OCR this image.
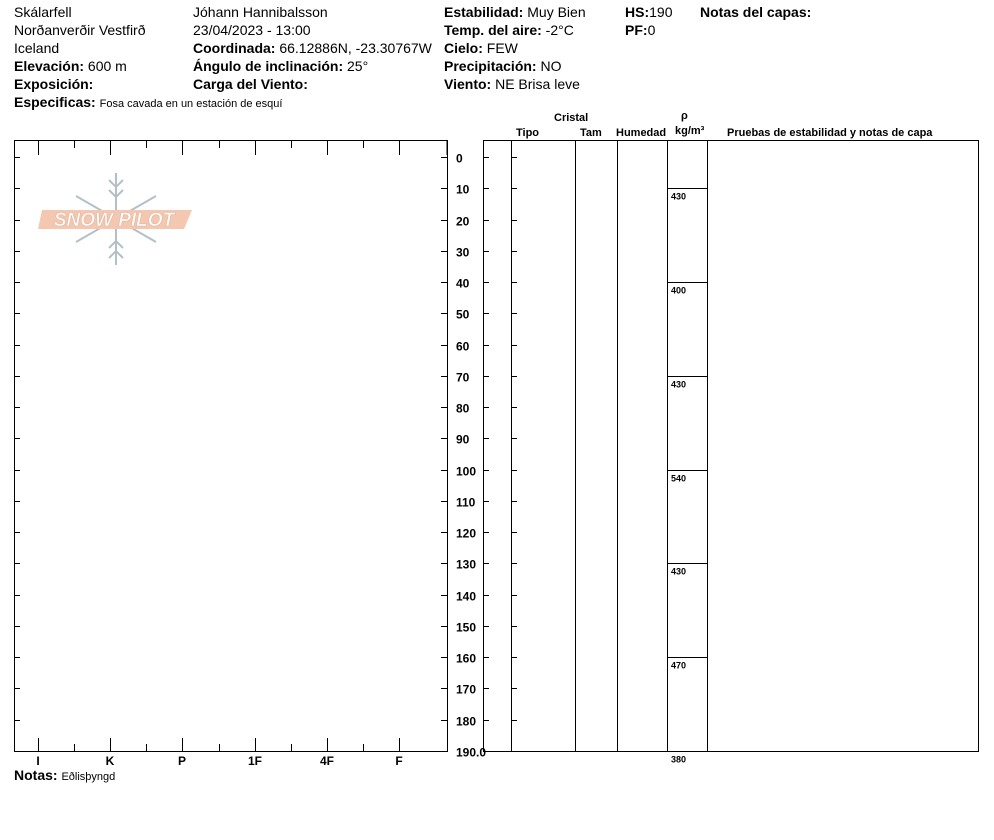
Skálarfell
Norðanverðir Vestfirð
Iceland
Elevación: 600 m
Exposición:
Especificas: Fosa cavada en un estación de esquí
Jóhann Hannibalsson
23/04/2023 - 13:00
Coordinada: 66.12886N, -23.30767W
Ángulo de inclinación: 25°
Carga del Viento:
Estabilidad: Muy Bien
Temp. del aire: -2°C
Cielo: FEW
Precipitación: NO
Viento: NE Brisa leve
HS:190
PF:0
Notas del capas:
Cristal
Tipo	Tam Humedad
ρ
kg/m³ Pruebas de estabilidad y notas de capa
I	K	P	1F	4F	F
SNOW PILOT
0
10
20
30
40
50
60
70
80
90
100
110
120
130
140
150
160
170
180
190.0
430
400
430
540
430
470
380
Notas: Eðlisþyngd
